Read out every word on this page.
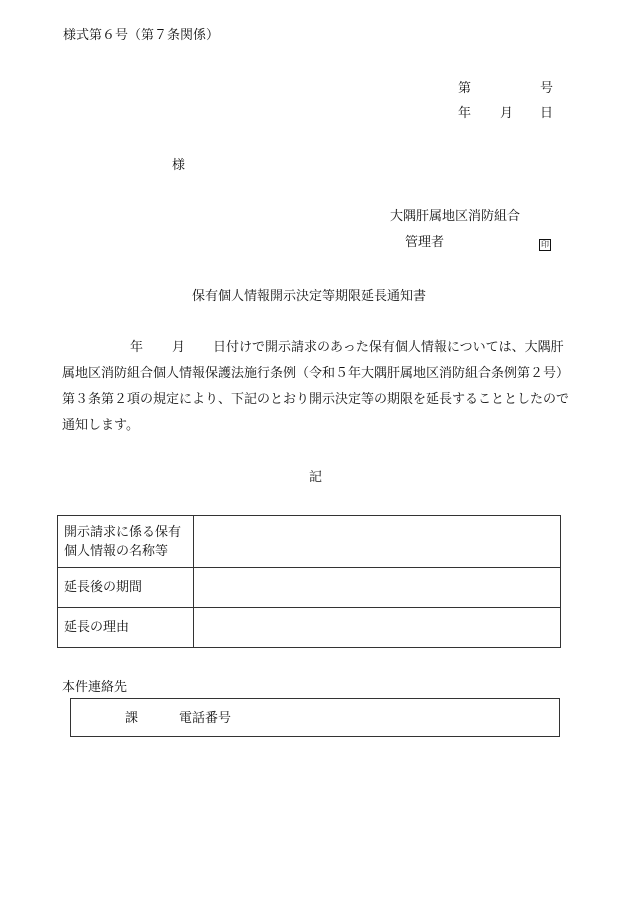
様式第６号（第７条関係）
第	号
年 月 日
様
大隅肝属地区消防組合
管理者	印
保有個人情報開示決定等期限延長通知書
年 月 日付けで開示請求のあった保有個人情報については、大隅肝属地区消防組合個人情報保護法施行条例（令和５年大隅肝属地区消防組合条例第２号）第３条第２項の規定により、下記のとおり開示決定等の期限を延長することとしたので通知します。
記
開示請求に係る保有個人情報の名称等	
延長後の期間	
延長の理由	
本件連絡先
課	電話番号
